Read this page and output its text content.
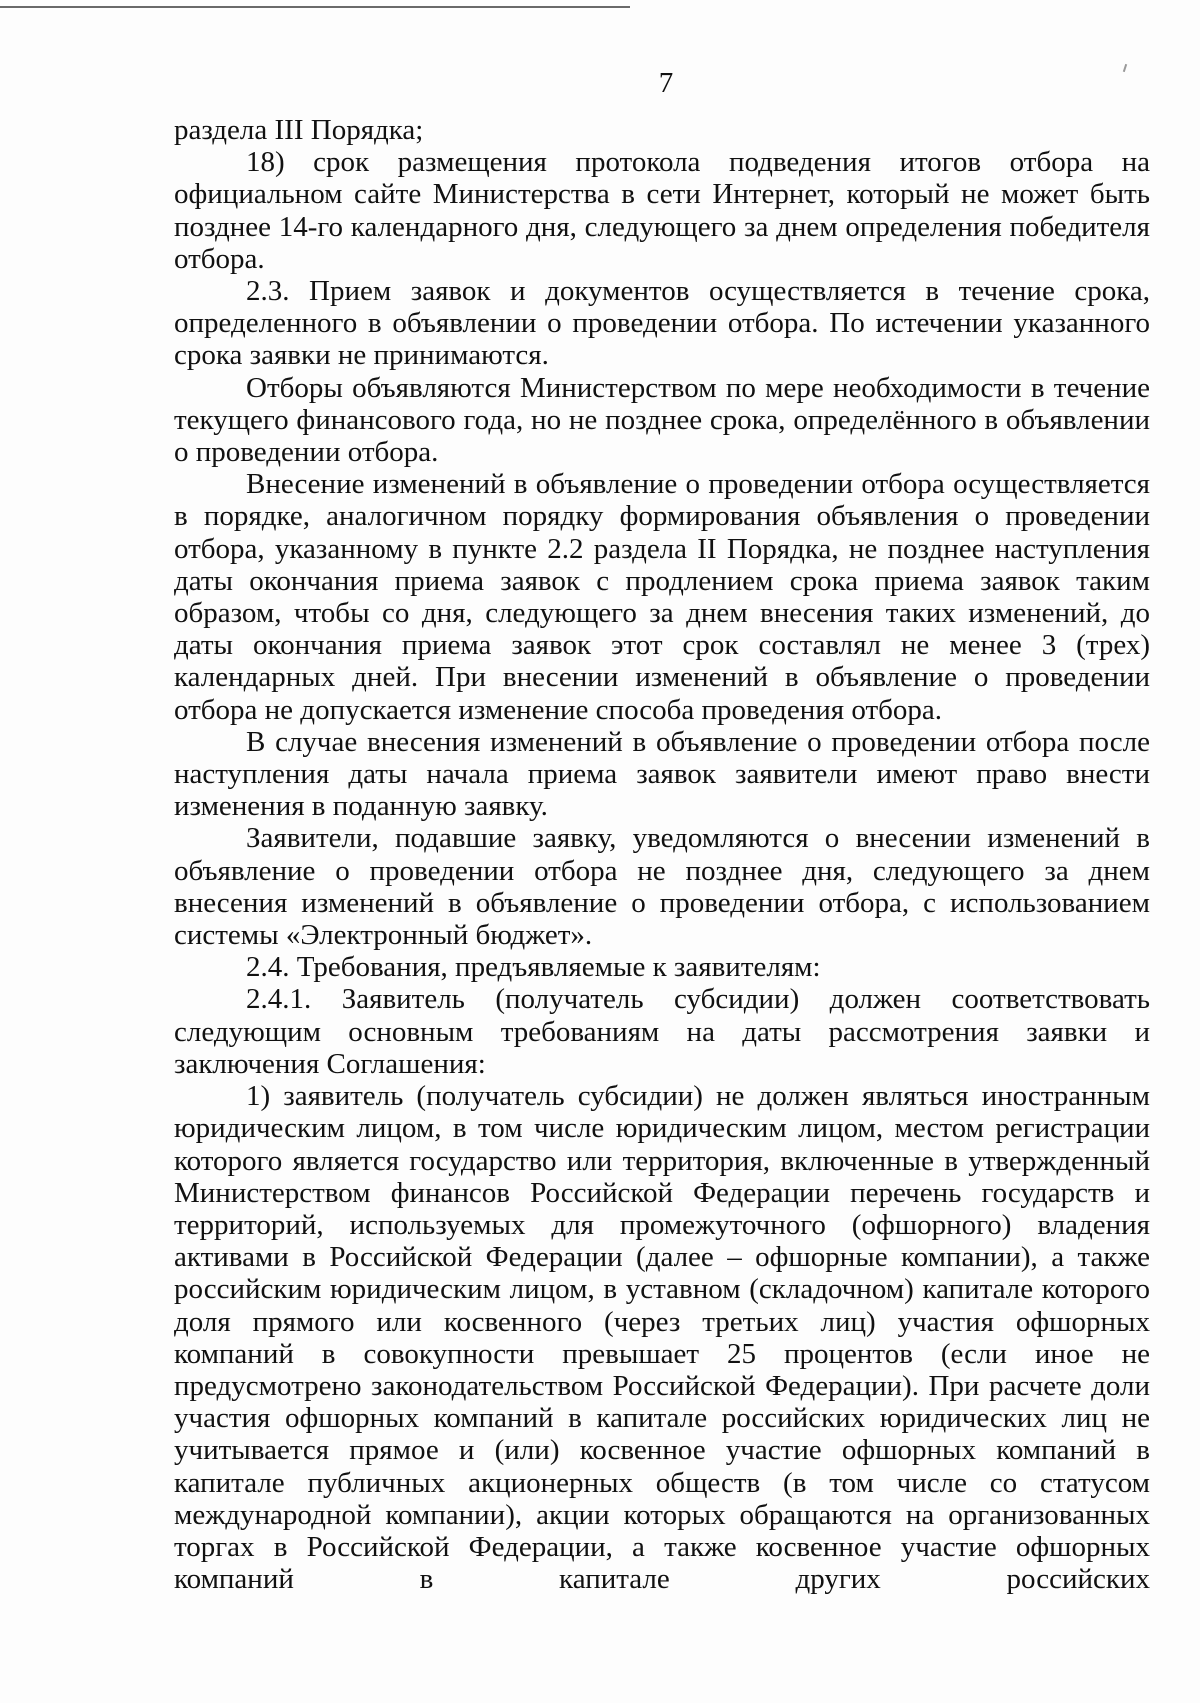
7

раздела III Порядка;

18) срок размещения протокола подведения итогов отбора на официальном сайте Министерства в сети Интернет, который не может быть позднее 14-го календарного дня, следующего за днем определения победителя отбора.

2.3. Прием заявок и документов осуществляется в течение срока, определенного в объявлении о проведении отбора. По истечении указанного срока заявки не принимаются.

Отборы объявляются Министерством по мере необходимости в течение текущего финансового года, но не позднее срока, определённого в объявлении о проведении отбора.

Внесение изменений в объявление о проведении отбора осуществляется в порядке, аналогичном порядку формирования объявления о проведении отбора, указанному в пункте 2.2 раздела II Порядка, не позднее наступления даты окончания приема заявок с продлением срока приема заявок таким образом, чтобы со дня, следующего за днем внесения таких изменений, до даты окончания приема заявок этот срок составлял не менее 3 (трех) календарных дней. При внесении изменений в объявление о проведении отбора не допускается изменение способа проведения отбора.

В случае внесения изменений в объявление о проведении отбора после наступления даты начала приема заявок заявители имеют право внести изменения в поданную заявку.

Заявители, подавшие заявку, уведомляются о внесении изменений в объявление о проведении отбора не позднее дня, следующего за днем внесения изменений в объявление о проведении отбора, с использованием системы «Электронный бюджет».

2.4. Требования, предъявляемые к заявителям:

2.4.1. Заявитель (получатель субсидии) должен соответствовать следующим основным требованиям на даты рассмотрения заявки и заключения Соглашения:

1) заявитель (получатель субсидии) не должен являться иностранным юридическим лицом, в том числе юридическим лицом, местом регистрации которого является государство или территория, включенные в утвержденный Министерством финансов Российской Федерации перечень государств и территорий, используемых для промежуточного (офшорного) владения активами в Российской Федерации (далее – офшорные компании), а также российским юридическим лицом, в уставном (складочном) капитале которого доля прямого или косвенного (через третьих лиц) участия офшорных компаний в совокупности превышает 25 процентов (если иное не предусмотрено законодательством Российской Федерации). При расчете доли участия офшорных компаний в капитале российских юридических лиц не учитывается прямое и (или) косвенное участие офшорных компаний в капитале публичных акционерных обществ (в том числе со статусом международной компании), акции которых обращаются на организованных торгах в Российской Федерации, а также косвенное участие офшорных компаний в капитале других российских
